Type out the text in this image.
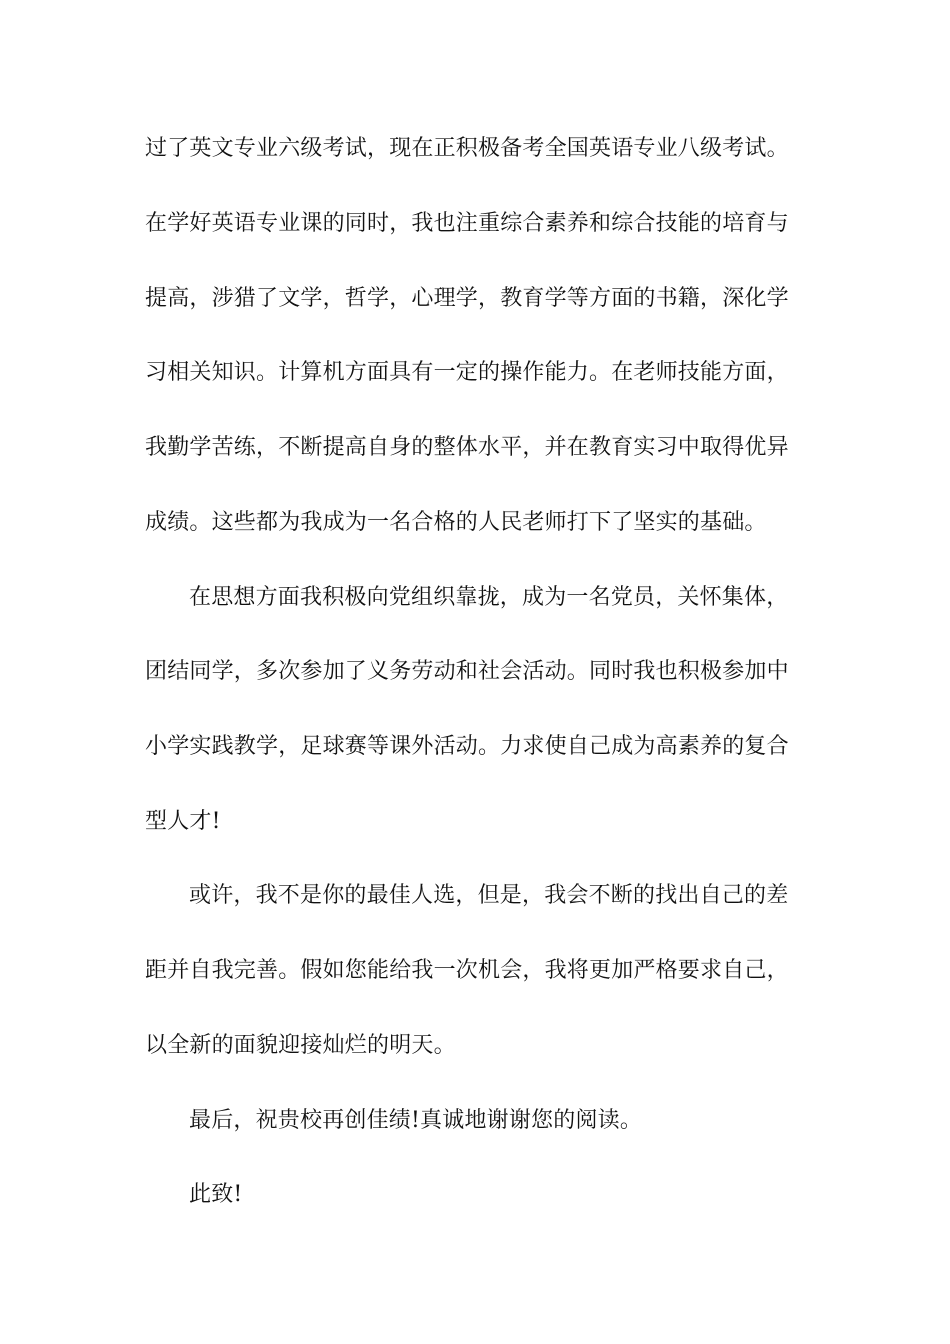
过了英文专业六级考试，现在正积极备考全国英语专业八级考试。
在学好英语专业课的同时，我也注重综合素养和综合技能的培育与
提高，涉猎了文学，哲学，心理学，教育学等方面的书籍，深化学
习相关知识。计算机方面具有一定的操作能力。在老师技能方面，
我勤学苦练，不断提高自身的整体水平，并在教育实习中取得优异
成绩。这些都为我成为一名合格的人民老师打下了坚实的基础。
在思想方面我积极向党组织靠拢，成为一名党员，关怀集体，
团结同学，多次参加了义务劳动和社会活动。同时我也积极参加中
小学实践教学，足球赛等课外活动。力求使自己成为高素养的复合
型人才!
或许，我不是你的最佳人选，但是，我会不断的找出自己的差
距并自我完善。假如您能给我一次机会，我将更加严格要求自己，
以全新的面貌迎接灿烂的明天。
最后，祝贵校再创佳绩!真诚地谢谢您的阅读。
此致!
